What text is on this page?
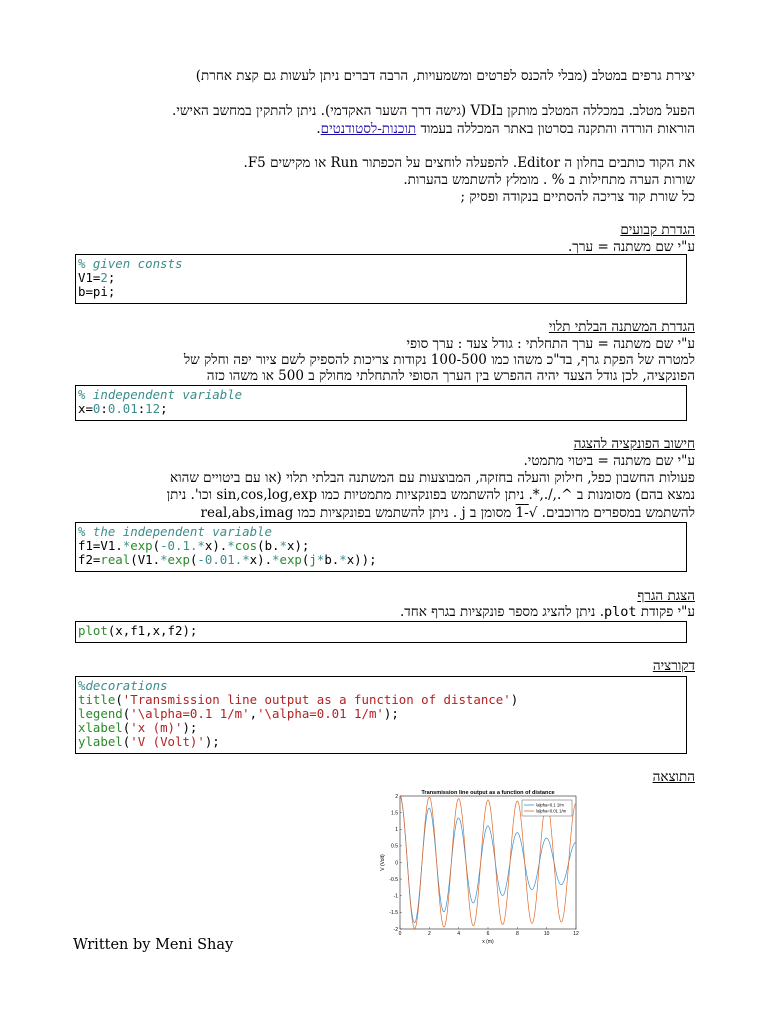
יצירת גרפים במטלב (מבלי להכנס לפרטים ומשמעויות, הרבה דברים ניתן לעשות גם קצת אחרת)
הפעל מטלב. במכללה המטלב מותקן בVDI (גישה דרך השער האקדמי). ניתן להתקין במחשב האישי.
הוראות הורדה והתקנה בסרטון באתר המכללה בעמוד תוכנות-לסטודנטים.
את הקוד כותבים בחלון ה Editor. להפעלה לוחצים על הכפתור Run או מקישים F5.
שורות הערה מתחילות ב % . מומלץ להשתמש בהערות.
כל שורת קוד צריכה להסתיים בנקודה ופסיק ;
הגדרת קבועים
ע"י שם משתנה = ערך.
% given consts
V1=2;
b=pi;
הגדרת המשתנה הבלתי תלוי
ע"י שם משתנה = ערך התחלתי : גודל צעד : ערך סופי
למטרה של הפקת גרף, בד"כ משהו כמו 100-500 נקודות צריכות להספיק לשם ציור יפה וחלק של
הפונקציה, לכן גודל הצעד יהיה ההפרש בין הערך הסופי להתחלתי מחולק ב 500 או משהו כזה
% independent variable
x=0:0.01:12;
חישוב הפונקציה להצגה
ע"י שם משתנה = ביטוי מתמטי.
פעולות החשבון כפל, חילוק והעלה בחזקה, המבוצעות עם המשתנה הבלתי תלוי (או עם ביטויים שהוא
נמצא בהם) מסומנות ב ^.,/.,*. ניתן להשתמש בפונקציות מתמטיות כמו sin,cos,log,exp וכו'. ניתן
להשתמש במספרים מרוכבים. √-1 מסומן ב j . ניתן להשתמש בפונקציות כמו real,abs,imag
% the independent variable
f1=V1.*exp(-0.1.*x).*cos(b.*x);
f2=real(V1.*exp(-0.01.*x).*exp(j*b.*x));
הצגת הגרף
ע"י פקודת plot. ניתן להציג מספר פונקציות בגרף אחד.
plot(x,f1,x,f2);
דקורציה
%decorations
title('Transmission line output as a function of distance')
legend('\alpha=0.1 1/m','\alpha=0.01 1/m');
xlabel('x (m)');
ylabel('V (Volt)');
התוצאה
Transmission line output as a function of distance
0	2	4	6	8	10	12
2
1.5
1
0.5
0
-0.5
-1
-1.5
-2
x (m)
V (Volt)
\alpha=0.1 1/m
\alpha=0.01 1/m
Written by Meni Shay
